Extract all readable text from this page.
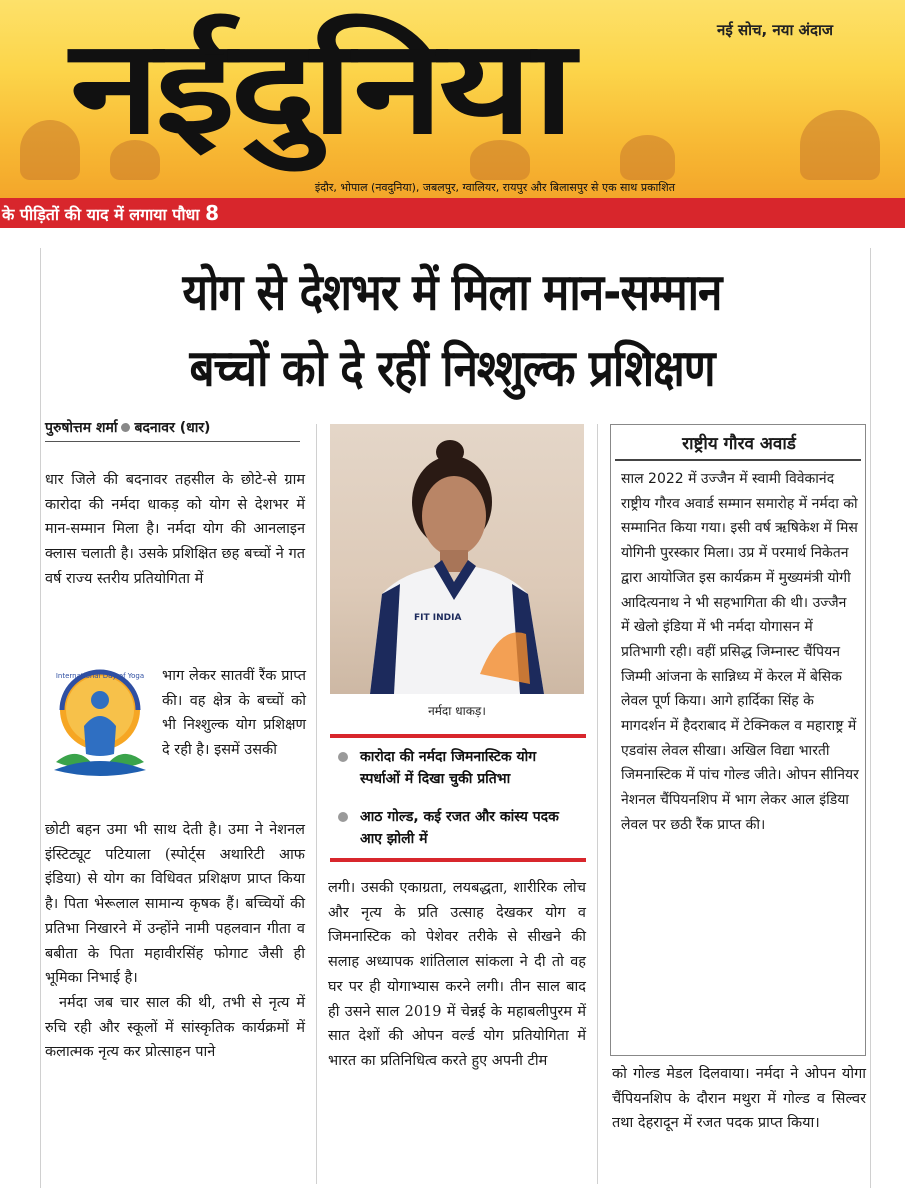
नईदुनिया	नई सोच, नया अंदाज
इंदौर, भोपाल (नवदुनिया), जबलपुर, ग्वालियर, रायपुर और बिलासपुर से एक साथ प्रकाशित
के पीड़ितों की याद में लगाया पौधा 8
योग से देशभर में मिला मान-सम्मान
बच्चों को दे रहीं निश्शुल्क प्रशिक्षण
पुरुषोत्तम शर्मा बदनावर (धार)

धार जिले की बदनावर तहसील के छोटे-से ग्राम कारोदा की नर्मदा धाकड़ को योग से देशभर में मान-सम्मान मिला है। नर्मदा योग की आनलाइन क्लास चलाती है। उसके प्रशिक्षित छह बच्चों ने गत वर्ष राज्य स्तरीय प्रतियोगिता में

International Day of Yoga भाग लेकर सातवीं रैंक प्राप्त की। वह क्षेत्र के बच्चों को भी निश्शुल्क योग प्रशिक्षण दे रही है। इसमें उसकी

छोटी बहन उमा भी साथ देती है। उमा ने नेशनल इंस्टिट्यूट पटियाला (स्पोर्ट्स अथारिटी आफ इंडिया) से योग का विधिवत प्रशिक्षण प्राप्त किया है। पिता भेरूलाल सामान्य कृषक हैं। बच्चियों की प्रतिभा निखारने में उन्होंने नामी पहलवान गीता व बबीता के पिता महावीरसिंह फोगाट जैसी ही भूमिका निभाई है।

नर्मदा जब चार साल की थी, तभी से नृत्य में रुचि रही और स्कूलों में सांस्कृतिक कार्यक्रमों में कलात्मक नृत्य कर प्रोत्साहन पाने

FIT INDIA
नर्मदा धाकड़।
कारोदा की नर्मदा जिमनास्टिक योग स्पर्धाओं में दिखा चुकी प्रतिभा
आठ गोल्ड, कई रजत और कांस्य पदक आए झोली में

लगी। उसकी एकाग्रता, लयबद्धता, शारीरिक लोच और नृत्य के प्रति उत्साह देखकर योग व जिमनास्टिक को पेशेवर तरीके से सीखने की सलाह अध्यापक शांतिलाल सांकला ने दी तो वह घर पर ही योगाभ्यास करने लगी। तीन साल बाद ही उसने साल 2019 में चेन्नई के महाबलीपुरम में सात देशों की ओपन वर्ल्ड योग प्रतियोगिता में भारत का प्रतिनिधित्व करते हुए अपनी टीम

राष्ट्रीय गौरव अवार्ड
साल 2022 में उज्जैन में स्वामी विवेकानंद राष्ट्रीय गौरव अवार्ड सम्मान समारोह में नर्मदा को सम्मानित किया गया। इसी वर्ष ऋषिकेश में मिस योगिनी पुरस्कार मिला। उप्र में परमार्थ निकेतन द्वारा आयोजित इस कार्यक्रम में मुख्यमंत्री योगी आदित्यनाथ ने भी सहभागिता की थी। उज्जैन में खेलो इंडिया में भी नर्मदा योगासन में प्रतिभागी रही। वहीं प्रसिद्ध जिम्नास्ट चैंपियन जिम्मी आंजना के सान्निध्य में केरल में बेसिक लेवल पूर्ण किया। आगे हार्दिका सिंह के मागदर्शन में हैदराबाद में टेक्निकल व महाराष्ट्र में एडवांस लेवल सीखा। अखिल विद्या भारती जिमनास्टिक में पांच गोल्ड जीते। ओपन सीनियर नेशनल चैंपियनशिप में भाग लेकर आल इंडिया लेवल पर छठी रैंक प्राप्त की।

को गोल्ड मेडल दिलवाया। नर्मदा ने ओपन योगा चैंपियनशिप के दौरान मथुरा में गोल्ड व सिल्वर तथा देहरादून में रजत पदक प्राप्त किया।
